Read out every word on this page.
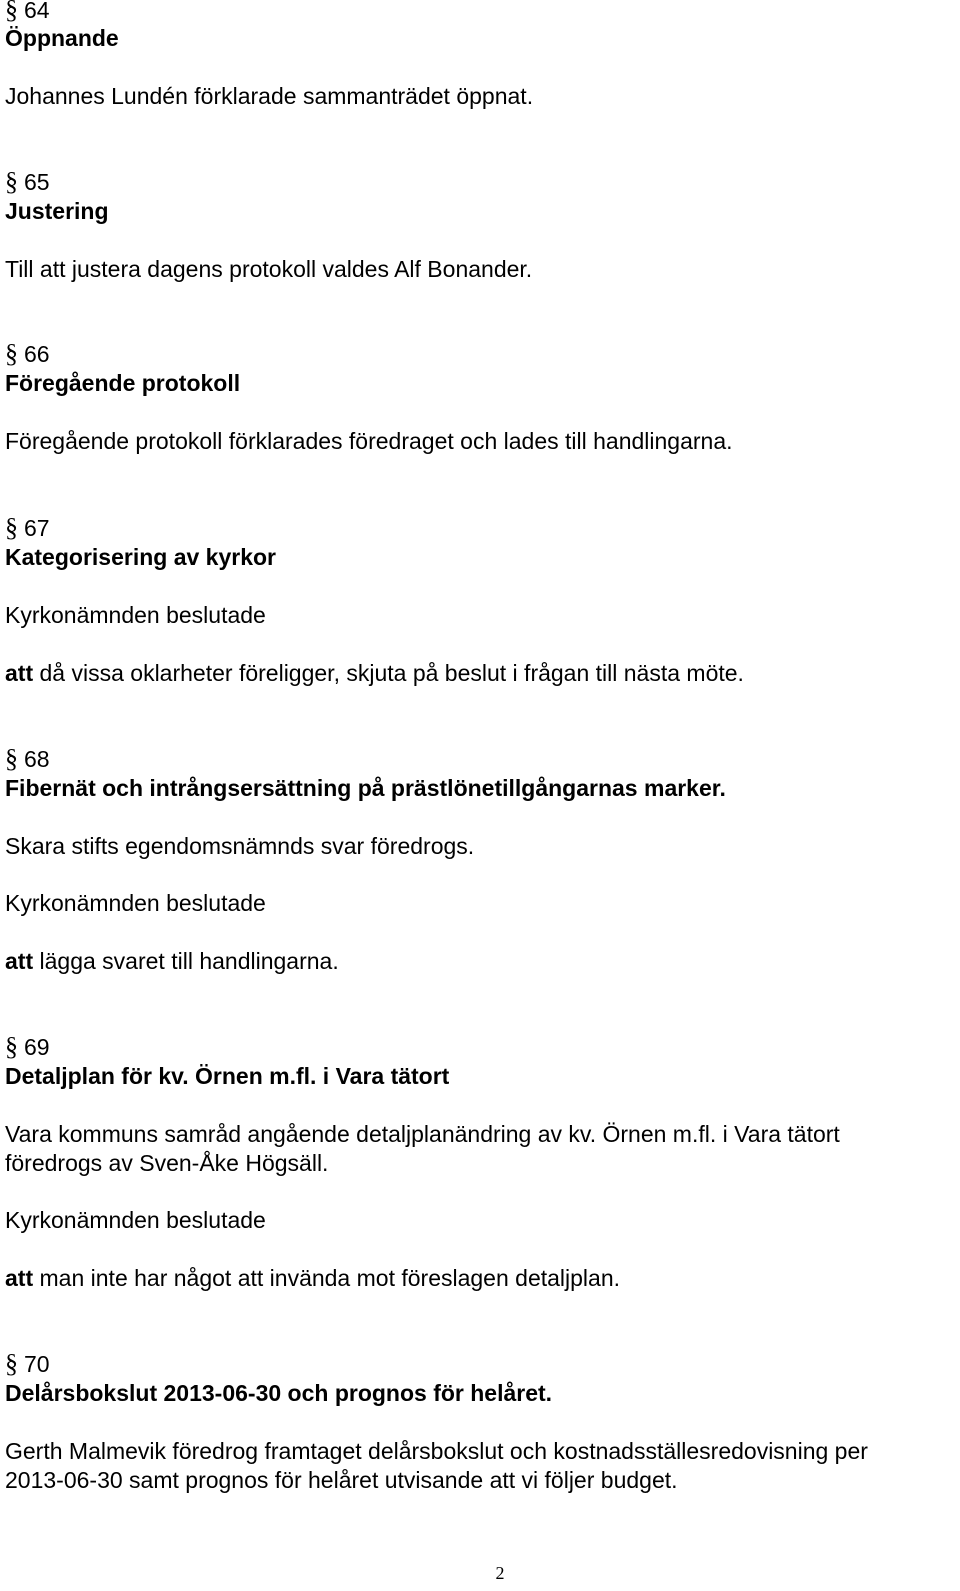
§ 64
Öppnande
Johannes Lundén förklarade sammanträdet öppnat.
§ 65
Justering
Till att justera dagens protokoll valdes Alf Bonander.
§ 66
Föregående protokoll
Föregående protokoll förklarades föredraget och lades till handlingarna.
§ 67
Kategorisering av kyrkor
Kyrkonämnden beslutade
att då vissa oklarheter föreligger, skjuta på beslut i frågan till nästa möte.
§ 68
Fibernät och intrångsersättning på prästlönetillgångarnas marker.
Skara stifts egendomsnämnds svar föredrogs.
Kyrkonämnden beslutade
att lägga svaret till handlingarna.
§ 69
Detaljplan för kv. Örnen m.fl. i Vara tätort
Vara kommuns samråd angående detaljplanändring av kv. Örnen m.fl. i Vara tätort
föredrogs av Sven-Åke Högsäll.
Kyrkonämnden beslutade
att man inte har något att invända mot föreslagen detaljplan.
§ 70
Delårsbokslut 2013-06-30 och prognos för helåret.
Gerth Malmevik föredrog framtaget delårsbokslut och kostnadsställesredovisning per
2013-06-30 samt prognos för helåret utvisande att vi följer budget.
2
